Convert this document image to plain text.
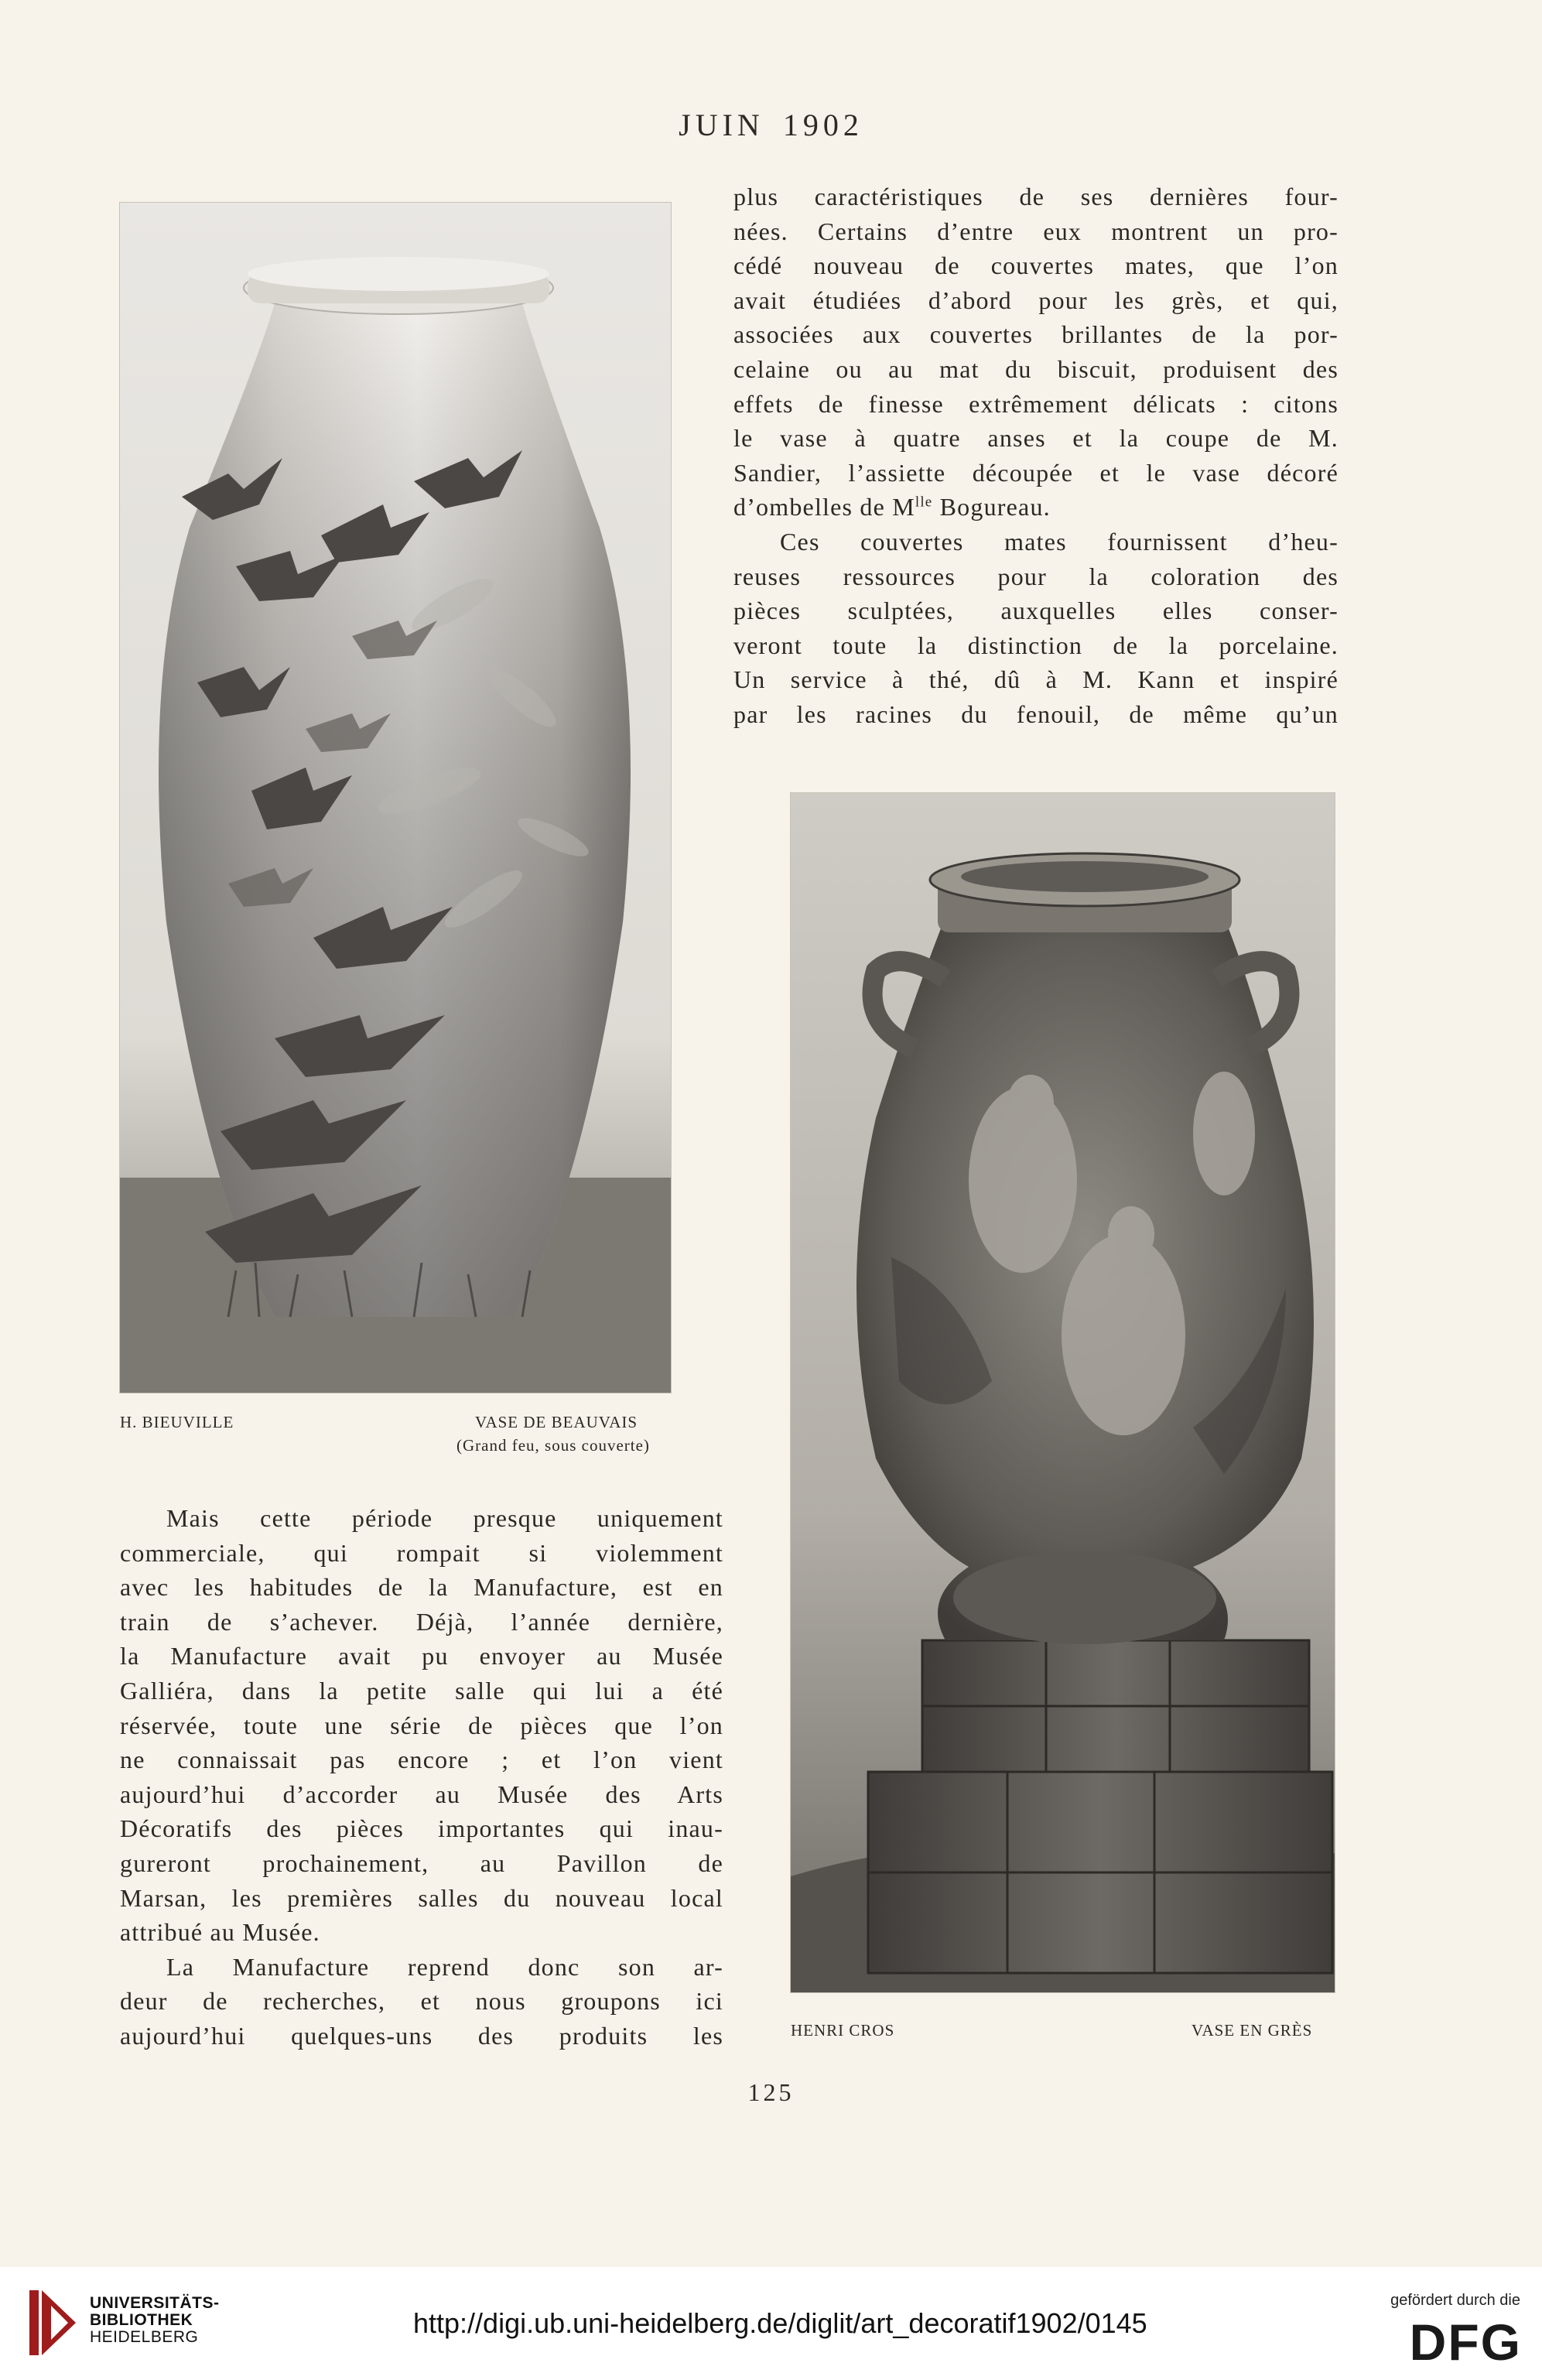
JUIN 1902
H. BIEUVILLE	VASE DE BEAUVAIS
(Grand feu, sous couverte)
plus caractéristiques de ses dernières four-
nées. Certains d’entre eux montrent un pro-
cédé nouveau de couvertes mates, que l’on
avait étudiées d’abord pour les grès, et qui,
associées aux couvertes brillantes de la por-
celaine ou au mat du biscuit, produisent des
effets de finesse extrêmement délicats : citons
le vase à quatre anses et la coupe de M.
Sandier, l’assiette découpée et le vase décoré
d’ombelles de $M^{lle}$ Bogureau.
Ces couvertes mates fournissent d’heu-
reuses ressources pour la coloration des
pièces sculptées, auxquelles elles conser-
veront toute la distinction de la porcelaine.
Un service à thé, dû à M. Kann et inspiré
par les racines du fenouil, de même qu’un
HENRI CROS	VASE EN GRÈS
Mais cette période presque uniquement
commerciale, qui rompait si violemment
avec les habitudes de la Manufacture, est en
train de s’achever. Déjà, l’année dernière,
la Manufacture avait pu envoyer au Musée
Galliéra, dans la petite salle qui lui a été
réservée, toute une série de pièces que l’on
ne connaissait pas encore ; et l’on vient
aujourd’hui d’accorder au Musée des Arts
Décoratifs des pièces importantes qui inau-
gureront prochainement, au Pavillon de
Marsan, les premières salles du nouveau local
attribué au Musée.
La Manufacture reprend donc son ar-
deur de recherches, et nous groupons ici
aujourd’hui quelques-uns des produits les
125
UNIVERSITÄTS-
BIBLIOTHEK
HEIDELBERG	http://digi.ub.uni-heidelberg.de/diglit/art_decoratif1902/0145
gefördert durch die
DFG
